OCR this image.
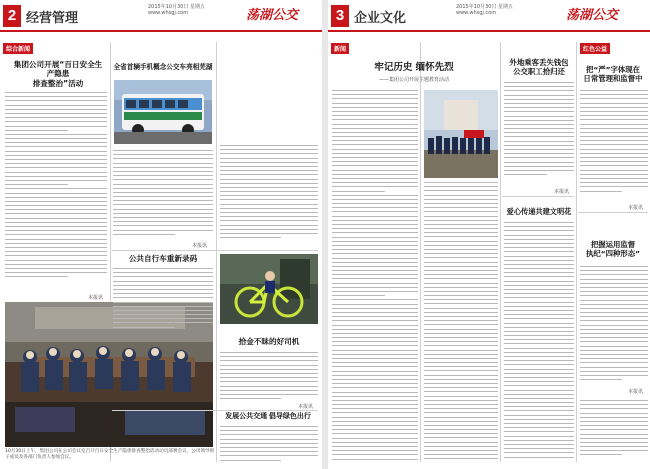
2 经营管理
2015年10月30日 星期五
www.whsgj.com	荡湖公交
综合新闻
集团公司开展“百日安全生产隐患
排查整治”活动
本报讯
10月30日上午，集团公司在公司会议室召开百日安全生产隐患排查整治活动动员部署会议，公司领导班子成员及各部门负责人参加会议。
全省首辆手机概念公交车亮相芜湖
本报讯
公共自行车重新录码
拾金不昧的好司机
本报讯
发展公共交通  倡导绿色出行
3 企业文化
2015年10月30日 星期五
www.whsgj.com	荡湖公交
新闻
牢记历史 缅怀先烈
——集团公司开展主题教育活动
外地乘客丢失钱包
公交职工拾归还
本报讯
爱心传递共建文明花
红色公益
把“严”字体现在
日常管理和监督中
本报讯
把握运用监督
执纪“四种形态”
本报讯
